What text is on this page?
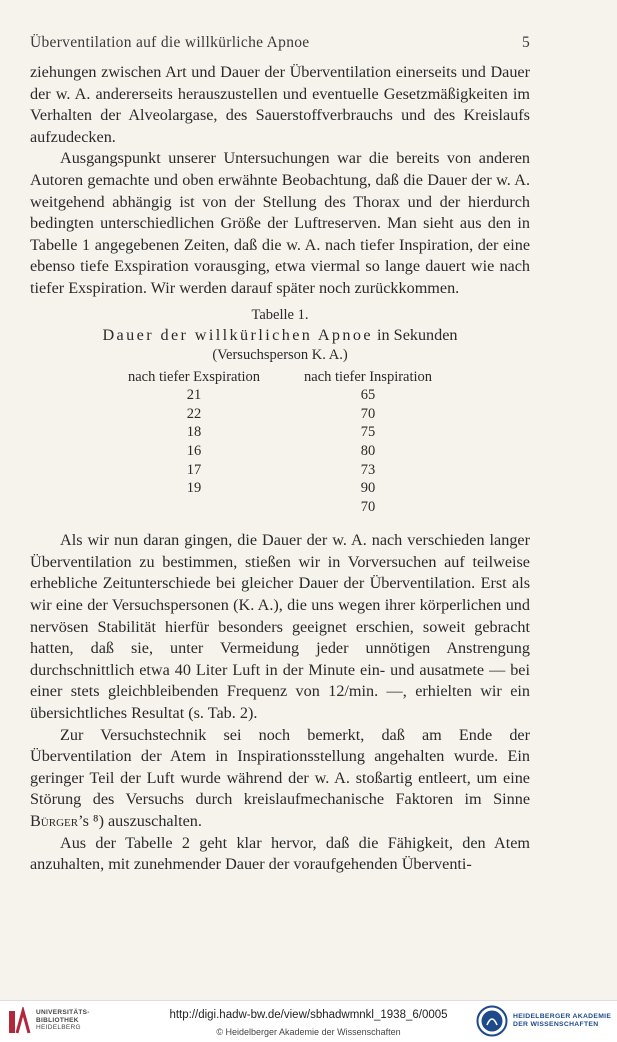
Überventilation auf die willkürliche Apnoe	5

ziehungen zwischen Art und Dauer der Überventilation einerseits und Dauer der w. A. andererseits herauszustellen und eventuelle Gesetzmäßigkeiten im Verhalten der Alveolargase, des Sauerstoffverbrauchs und des Kreislaufs aufzudecken.

Ausgangspunkt unserer Untersuchungen war die bereits von anderen Autoren gemachte und oben erwähnte Beobachtung, daß die Dauer der w. A. weitgehend abhängig ist von der Stellung des Thorax und der hierdurch bedingten unterschiedlichen Größe der Luftreserven. Man sieht aus den in Tabelle 1 angegebenen Zeiten, daß die w. A. nach tiefer Inspiration, der eine ebenso tiefe Exspiration vorausging, etwa viermal so lange dauert wie nach tiefer Exspiration. Wir werden darauf später noch zurückkommen.

Tabelle 1.
Dauer der willkürlichen Apnoe in Sekunden
(Versuchsperson K. A.)
nach tiefer Exspiration	nach tiefer Inspiration
21	65
22	70
18	75
16	80
17	73
19	90
	70

Als wir nun daran gingen, die Dauer der w. A. nach verschieden langer Überventilation zu bestimmen, stießen wir in Vorversuchen auf teilweise erhebliche Zeitunterschiede bei gleicher Dauer der Überventilation. Erst als wir eine der Versuchspersonen (K. A.), die uns wegen ihrer körperlichen und nervösen Stabilität hierfür besonders geeignet erschien, soweit gebracht hatten, daß sie, unter Vermeidung jeder unnötigen Anstrengung durchschnittlich etwa 40 Liter Luft in der Minute ein- und ausatmete — bei einer stets gleichbleibenden Frequenz von 12/min. —, erhielten wir ein übersichtliches Resultat (s. Tab. 2).

Zur Versuchstechnik sei noch bemerkt, daß am Ende der Überventilation der Atem in Inspirationsstellung angehalten wurde. Ein geringer Teil der Luft wurde während der w. A. stoßartig entleert, um eine Störung des Versuchs durch kreislaufmechanische Faktoren im Sinne Bürger’s ⁸) auszuschalten.

Aus der Tabelle 2 geht klar hervor, daß die Fähigkeit, den Atem anzuhalten, mit zunehmender Dauer der voraufgehenden Überventi-

UNIVERSITÄTS-
BIBLIOTHEK
HEIDELBERG
http://digi.hadw-bw.de/view/sbhadwmnkl_1938_6/0005
© Heidelberger Akademie der Wissenschaften
HEIDELBERGER AKADEMIE
DER WISSENSCHAFTEN
